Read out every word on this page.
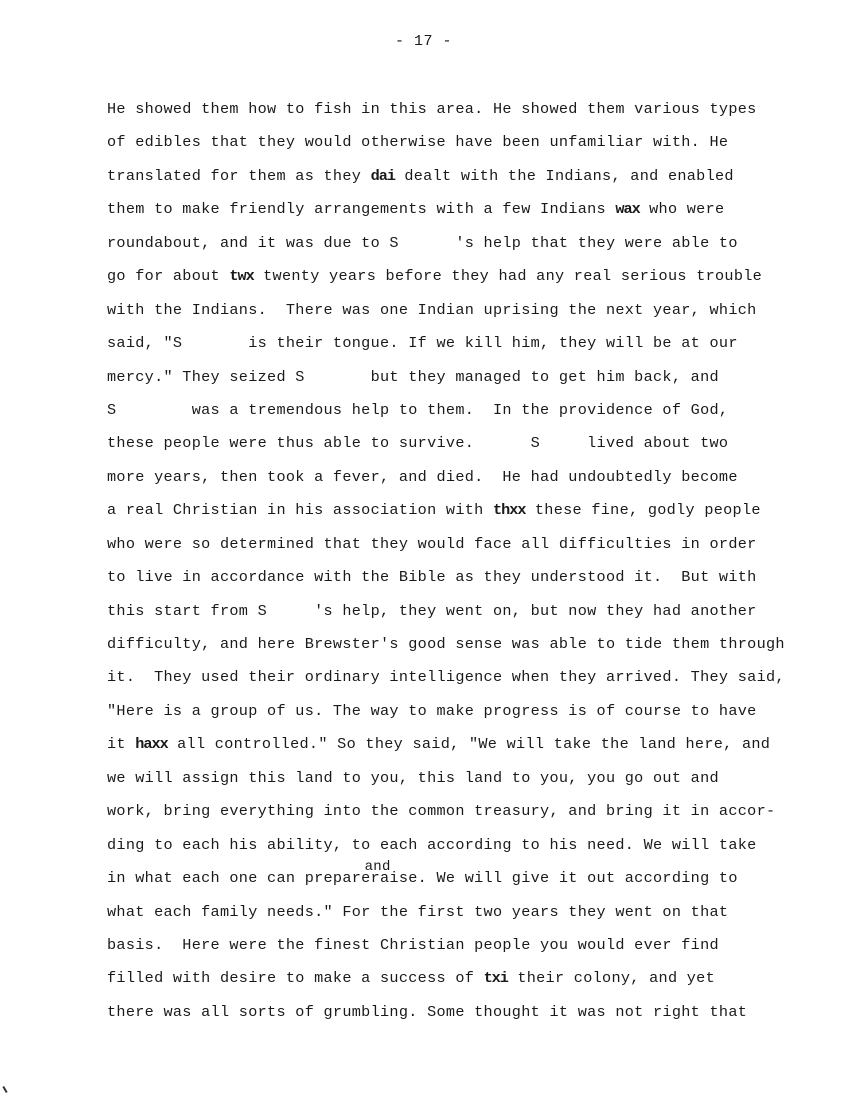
- 17 -
He showed them how to fish in this area. He showed them various types
of edibles that they would otherwise have been unfamiliar with. He
translated for them as they dai dealt with the Indians, and enabled
them to make friendly arrangements with a few Indians wax who were
roundabout, and it was due to S      's help that they were able to
go for about twx twenty years before they had any real serious trouble
with the Indians.  There was one Indian uprising the next year, which
said, "S       is their tongue. If we kill him, they will be at our
mercy." They seized S       but they managed to get him back, and
S        was a tremendous help to them.  In the providence of God,
these people were thus able to survive.      S     lived about two
more years, then took a fever, and died.  He had undoubtedly become
a real Christian in his association with thxx these fine, godly people
who were so determined that they would face all difficulties in order
to live in accordance with the Bible as they understood it.  But with
this start from S     's help, they went on, but now they had another
difficulty, and here Brewster's good sense was able to tide them through
it.  They used their ordinary intelligence when they arrived. They said,
"Here is a group of us. The way to make progress is of course to have
it haxx all controlled." So they said, "We will take the land here, and
we will assign this land to you, this land to you, you go out and
work, bring everything into the common treasury, and bring it in accor-
ding to each his ability, to each according to his need. We will take
in what each one can prepareandraise. We will give it out according to
what each family needs." For the first two years they went on that
basis.  Here were the finest Christian people you would ever find
filled with desire to make a success of txi their colony, and yet
there was all sorts of grumbling. Some thought it was not right that
